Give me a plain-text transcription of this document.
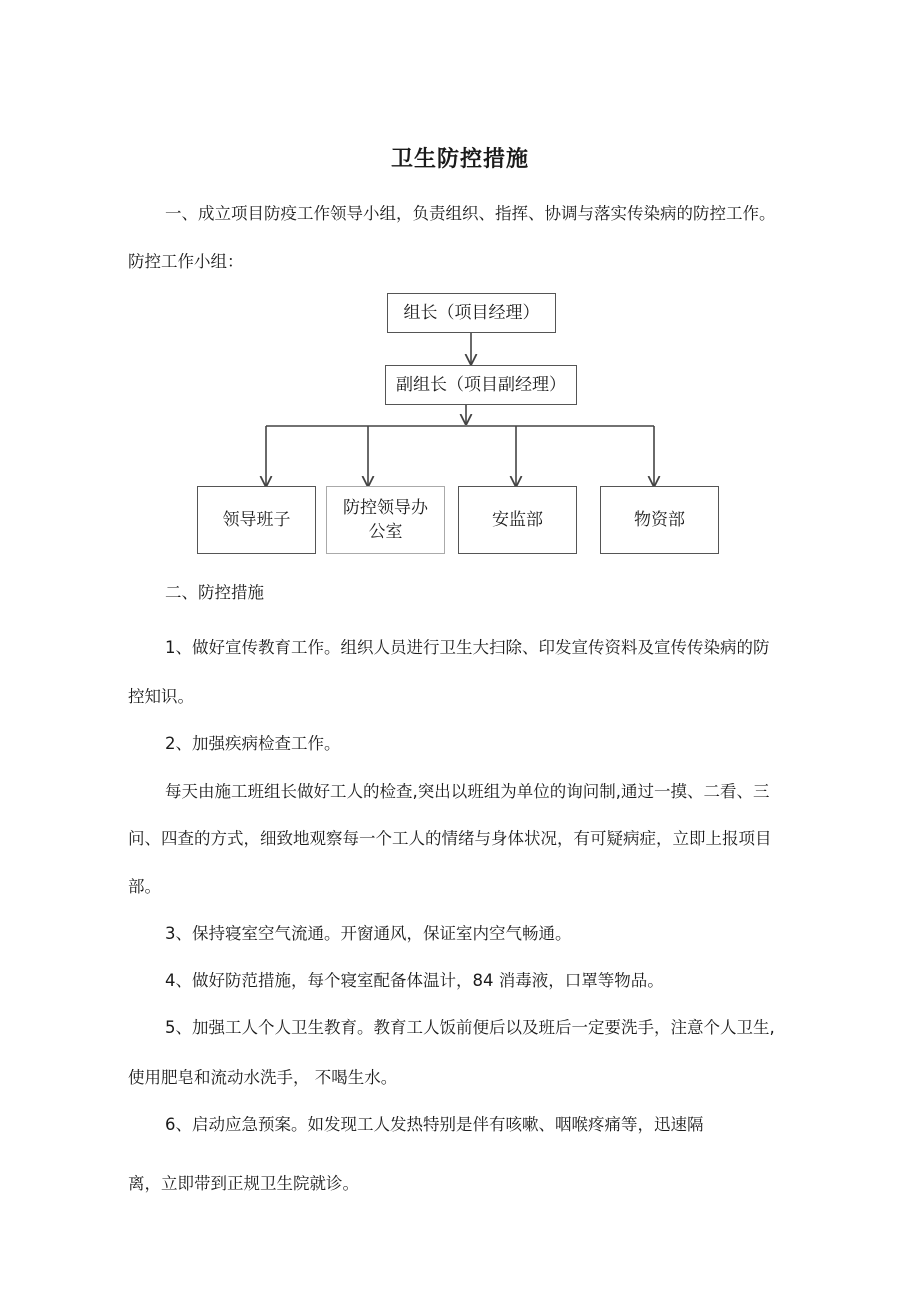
卫生防控措施
一、成立项目防疫工作领导小组，负责组织、指挥、协调与落实传染病的防控工作。
防控工作小组：
组长（项目经理）
副组长（项目副经理）
领导班子
防控领导办
公室
安监部	物资部
二、防控措施
1、做好宣传教育工作。组织人员进行卫生大扫除、印发宣传资料及宣传传染病的防
控知识。
2、加强疾病检查工作。
每天由施工班组长做好工人的检查,突出以班组为单位的询问制,通过一摸、二看、三
问、四查的方式，细致地观察每一个工人的情绪与身体状况，有可疑病症，立即上报项目
部。
3、保持寝室空气流通。开窗通风，保证室内空气畅通。
4、做好防范措施，每个寝室配备体温计，84 消毒液，口罩等物品。
5、加强工人个人卫生教育。教育工人饭前便后以及班后一定要洗手，注意个人卫生,
使用肥皂和流动水洗手， 不喝生水。
6、启动应急预案。如发现工人发热特别是伴有咳嗽、咽喉疼痛等，迅速隔
离，立即带到正规卫生院就诊。
